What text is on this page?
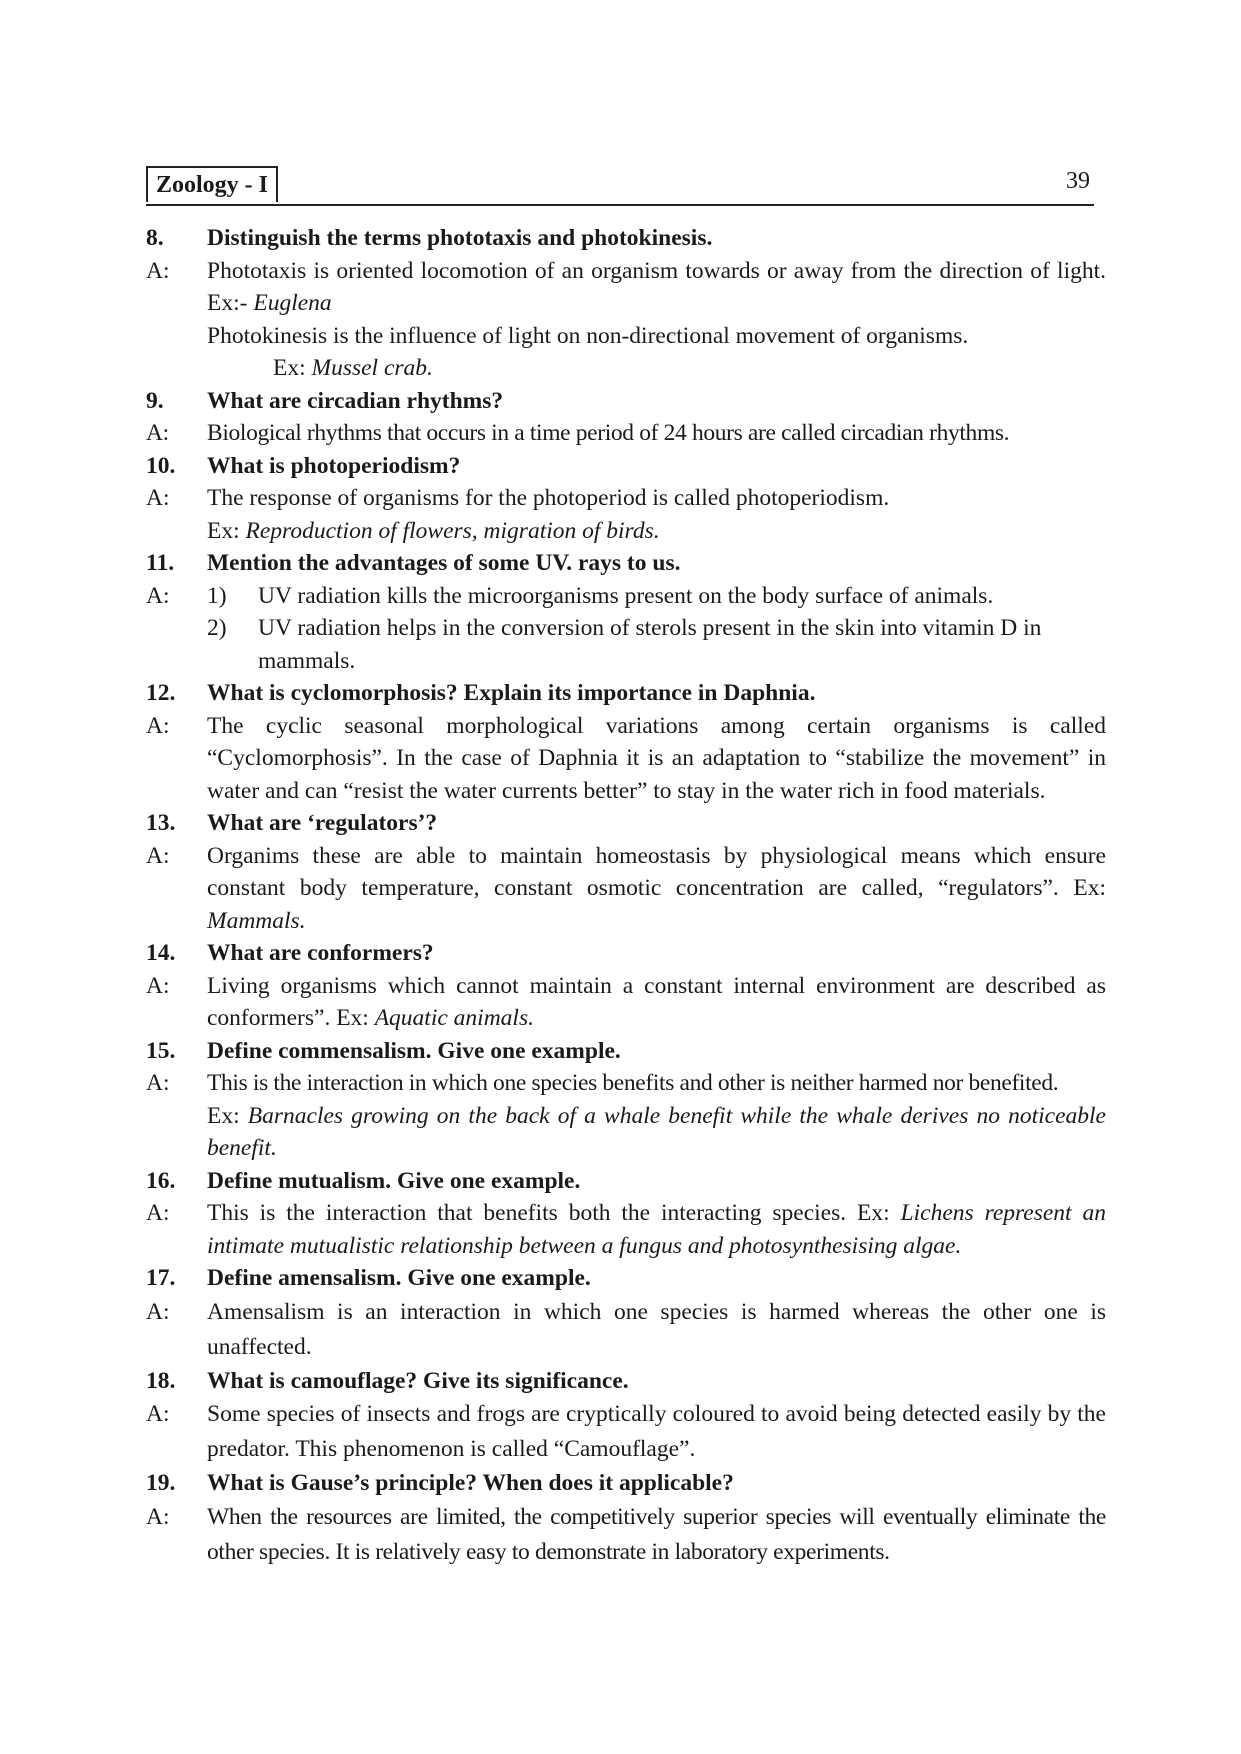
Zoology - I	39
8. Distinguish the terms phototaxis and photokinesis.
A: Phototaxis is oriented locomotion of an organism towards or away from the direction of light. Ex:- Euglena
Photokinesis is the influence of light on non-directional movement of organisms.
Ex: Mussel crab.
9. What are circadian rhythms?
A: Biological rhythms that occurs in a time period of 24 hours are called circadian rhythms.
10. What is photoperiodism?
A: The response of organisms for the photoperiod is called photoperiodism.
Ex: Reproduction of flowers, migration of birds.
11. Mention the advantages of some UV. rays to us.
A: 1) UV radiation kills the microorganisms present on the body surface of animals.
2) UV radiation helps in the conversion of sterols present in the skin into vitamin D in mammals.
12. What is cyclomorphosis? Explain its importance in Daphnia.
A: The cyclic seasonal morphological variations among certain organisms is called “Cyclomorphosis”. In the case of Daphnia it is an adaptation to “stabilize the movement” in water and can “resist the water currents better” to stay in the water rich in food materials.
13. What are ‘regulators’?
A: Organims these are able to maintain homeostasis by physiological means which ensure constant body temperature, constant osmotic concentration are called, “regulators”. Ex: Mammals.
14. What are conformers?
A: Living organisms which cannot maintain a constant internal environment are described as conformers”. Ex: Aquatic animals.
15. Define commensalism. Give one example.
A: This is the interaction in which one species benefits and other is neither harmed nor benefited.
Ex: Barnacles growing on the back of a whale benefit while the whale derives no noticeable benefit.
16. Define mutualism. Give one example.
A: This is the interaction that benefits both the interacting species. Ex: Lichens represent an intimate mutualistic relationship between a fungus and photosynthesising algae.
17. Define amensalism. Give one example.
A: Amensalism is an interaction in which one species is harmed whereas the other one is unaffected.
18. What is camouflage? Give its significance.
A: Some species of insects and frogs are cryptically coloured to avoid being detected easily by the predator. This phenomenon is called “Camouflage”.
19. What is Gause’s principle? When does it applicable?
A: When the resources are limited, the competitively superior species will eventually eliminate the other species. It is relatively easy to demonstrate in laboratory experiments.
